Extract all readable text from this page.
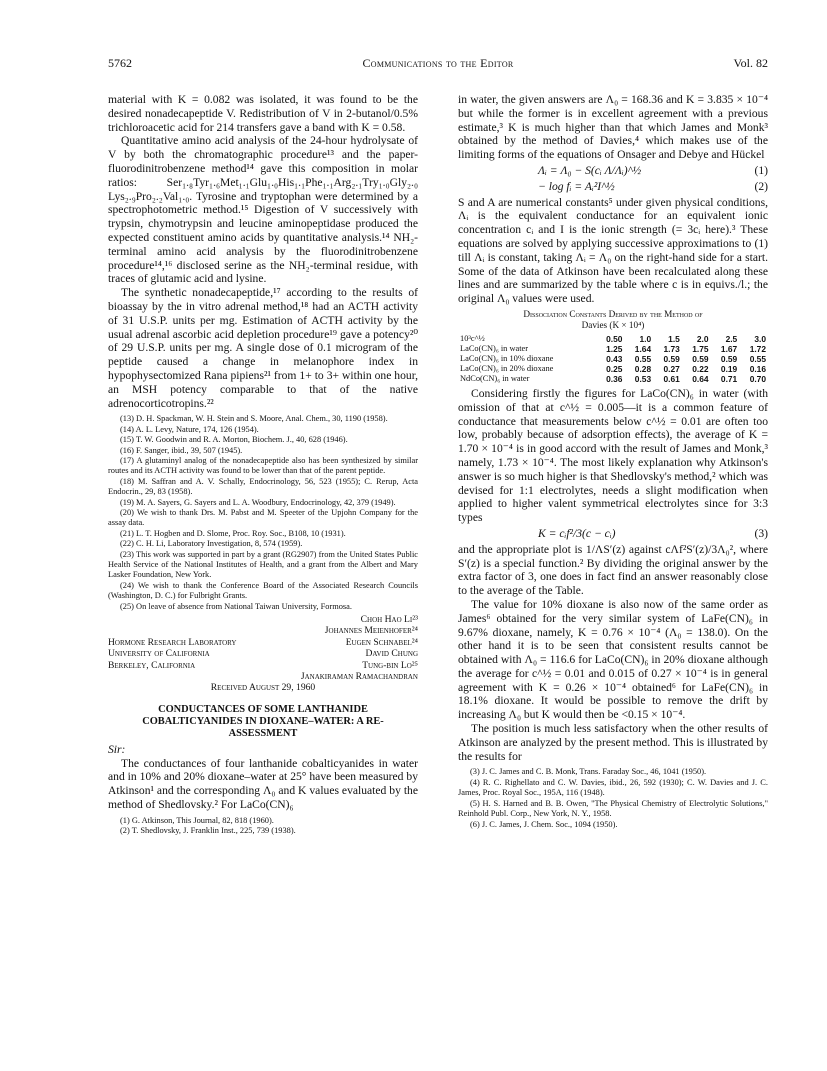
5762	Communications to the Editor	Vol. 82

material with K = 0.082 was isolated, it was found to be the desired nonadecapeptide V. Redistribution of V in 2-butanol/0.5% trichloroacetic acid for 214 transfers gave a band with K = 0.58.

Quantitative amino acid analysis of the 24-hour hydrolysate of V by both the chromatographic procedure¹³ and the paper-fluorodinitrobenzene method¹⁴ gave this composition in molar ratios: Ser₁.₈Tyr₁.₆Met₁.₁Glu₁.₀His₁.₁Phe₁.₁Arg₂.₁Try₁.₀Gly₂.₀ Lys₂.₉Pro₂.₂Val₁.₀. Tyrosine and tryptophan were determined by a spectrophotometric method.¹⁵ Digestion of V successively with trypsin, chymotrypsin and leucine aminopeptidase produced the expected constituent amino acids by quantitative analysis.¹⁴ NH₂-terminal amino acid analysis by the fluorodinitrobenzene procedure¹⁴,¹⁶ disclosed serine as the NH₂-terminal residue, with traces of glutamic acid and lysine.

The synthetic nonadecapeptide,¹⁷ according to the results of bioassay by the in vitro adrenal method,¹⁸ had an ACTH activity of 31 U.S.P. units per mg. Estimation of ACTH activity by the usual adrenal ascorbic acid depletion procedure¹⁹ gave a potency²⁰ of 29 U.S.P. units per mg. A single dose of 0.1 microgram of the peptide caused a change in melanophore index in hypophysectomized Rana pipiens²¹ from 1+ to 3+ within one hour, an MSH potency comparable to that of the native adrenocorticotropins.²²

(13) D. H. Spackman, W. H. Stein and S. Moore, Anal. Chem., 30, 1190 (1958).

(14) A. L. Levy, Nature, 174, 126 (1954).

(15) T. W. Goodwin and R. A. Morton, Biochem. J., 40, 628 (1946).

(16) F. Sanger, ibid., 39, 507 (1945).

(17) A glutaminyl analog of the nonadecapeptide also has been synthesized by similar routes and its ACTH activity was found to be lower than that of the parent peptide.

(18) M. Saffran and A. V. Schally, Endocrinology, 56, 523 (1955); C. Rerup, Acta Endocrin., 29, 83 (1958).

(19) M. A. Sayers, G. Sayers and L. A. Woodbury, Endocrinology, 42, 379 (1949).

(20) We wish to thank Drs. M. Pabst and M. Speeter of the Upjohn Company for the assay data.

(21) L. T. Hogben and D. Slome, Proc. Roy. Soc., B108, 10 (1931).

(22) C. H. Li, Laboratory Investigation, 8, 574 (1959).

(23) This work was supported in part by a grant (RG2907) from the United States Public Health Service of the National Institutes of Health, and a grant from the Albert and Mary Lasker Foundation, New York.

(24) We wish to thank the Conference Board of the Associated Research Councils (Washington, D. C.) for Fulbright Grants.

(25) On leave of absence from National Taiwan University, Formosa.

Choh Hao Li²³
Johannes Meienhofer²⁴
Hormone Research Laboratory	Eugen Schnabel²⁴
University of California	David Chung
Berkeley, California	Tung-bin Lo²⁵
Janakiraman Ramachandran
Received August 29, 1960
CONDUCTANCES OF SOME LANTHANIDE COBALTICYANIDES IN DIOXANE–WATER: A RE-ASSESSMENT
Sir:

The conductances of four lanthanide cobalticyanides in water and in 10% and 20% dioxane–water at 25° have been measured by Atkinson¹ and the corresponding Λ₀ and K values evaluated by the method of Shedlovsky.² For LaCo(CN)₆

(1) G. Atkinson, This Journal, 82, 818 (1960).

(2) T. Shedlovsky, J. Franklin Inst., 225, 739 (1938).

in water, the given answers are Λ₀ = 168.36 and K = 3.835 × 10⁻⁴ but while the former is in excellent agreement with a previous estimate,³ K is much higher than that which James and Monk³ obtained by the method of Davies,⁴ which makes use of the limiting forms of the equations of Onsager and Debye and Hückel

Λᵢ = Λ₀ − S(cᵢ Λ/Λᵢ)^½	(1)
− log fᵢ = Aᵢ²I^½	(2)

S and A are numerical constants⁵ under given physical conditions, Λᵢ is the equivalent conductance for an equivalent ionic concentration cᵢ and I is the ionic strength (= 3cᵢ here).³ These equations are solved by applying successive approximations to (1) till Λᵢ is constant, taking Λᵢ = Λ₀ on the right-hand side for a start. Some of the data of Atkinson have been recalculated along these lines and are summarized by the table where c is in equivs./l.; the original Λ₀ values were used.

Dissociation Constants Derived by the Method of
Davies (K × 10⁴)
10³c^½	0.50	1.0	1.5	2.0	2.5	3.0
LaCo(CN)₆ in water	1.25	1.64	1.73	1.75	1.67	1.72
LaCo(CN)₆ in 10% dioxane	0.43	0.55	0.59	0.59	0.59	0.55
LaCo(CN)₆ in 20% dioxane	0.25	0.28	0.27	0.22	0.19	0.16
NdCo(CN)₆ in water	0.36	0.53	0.61	0.64	0.71	0.70

Considering firstly the figures for LaCo(CN)₆ in water (with omission of that at c^½ = 0.005—it is a common feature of conductance that measurements below c^½ = 0.01 are often too low, probably because of adsorption effects), the average of K = 1.70 × 10⁻⁴ is in good accord with the result of James and Monk,³ namely, 1.73 × 10⁻⁴. The most likely explanation why Atkinson's answer is so much higher is that Shedlovsky's method,² which was devised for 1:1 electrolytes, needs a slight modification when applied to higher valent symmetrical electrolytes since for 3:3 types

K = cᵢf²/3(c − cᵢ)	(3)

and the appropriate plot is 1/ΛS′(z) against cΛf²S′(z)/3Λ₀², where S′(z) is a special function.² By dividing the original answer by the extra factor of 3, one does in fact find an answer reasonably close to the average of the Table.

The value for 10% dioxane is also now of the same order as James⁶ obtained for the very similar system of LaFe(CN)₆ in 9.67% dioxane, namely, K = 0.76 × 10⁻⁴ (Λ₀ = 138.0). On the other hand it is to be seen that consistent results cannot be obtained with Λ₀ = 116.6 for LaCo(CN)₆ in 20% dioxane although the average for c^½ = 0.01 and 0.015 of 0.27 × 10⁻⁴ is in general agreement with K = 0.26 × 10⁻⁴ obtained⁶ for LaFe(CN)₆ in 18.1% dioxane. It would be possible to remove the drift by increasing Λ₀ but K would then be <0.15 × 10⁻⁴.

The position is much less satisfactory when the other results of Atkinson are analyzed by the present method. This is illustrated by the results for

(3) J. C. James and C. B. Monk, Trans. Faraday Soc., 46, 1041 (1950).

(4) R. C. Righellato and C. W. Davies, ibid., 26, 592 (1930); C. W. Davies and J. C. James, Proc. Royal Soc., 195A, 116 (1948).

(5) H. S. Harned and B. B. Owen, "The Physical Chemistry of Electrolytic Solutions," Reinhold Publ. Corp., New York, N. Y., 1958.

(6) J. C. James, J. Chem. Soc., 1094 (1950).
